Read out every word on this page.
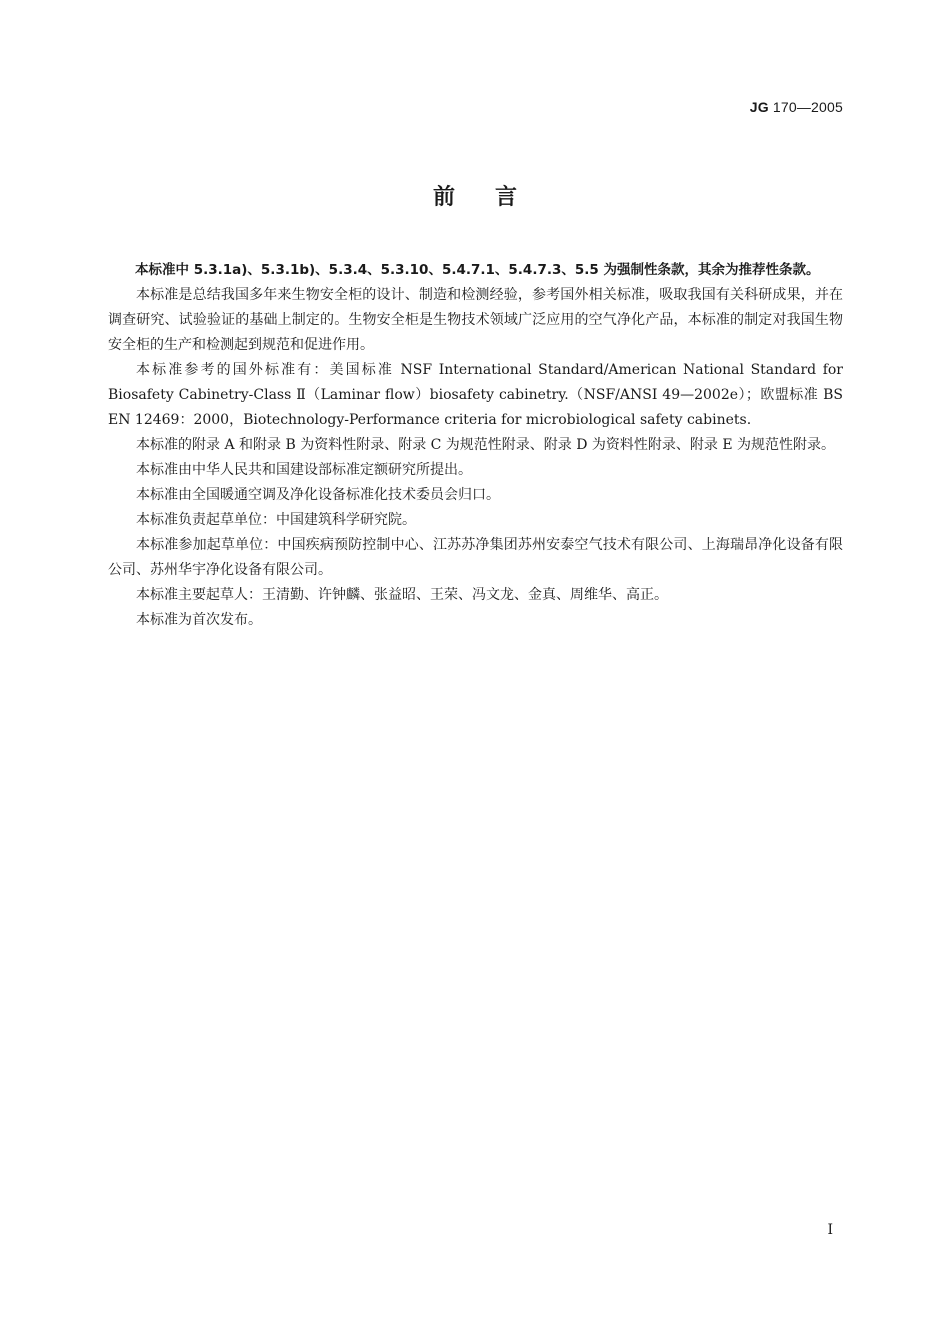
JG 170—2005
前言

本标准中 5.3.1a)、5.3.1b)、5.3.4、5.3.10、5.4.7.1、5.4.7.3、5.5 为强制性条款，其余为推荐性条款。

本标准是总结我国多年来生物安全柜的设计、制造和检测经验，参考国外相关标准，吸取我国有关科研成果，并在调查研究、试验验证的基础上制定的。生物安全柜是生物技术领域广泛应用的空气净化产品，本标准的制定对我国生物安全柜的生产和检测起到规范和促进作用。

本标准参考的国外标准有：美国标准 NSF International Standard/American National Standard for Biosafety Cabinetry-Class Ⅱ（Laminar flow）biosafety cabinetry.（NSF/ANSI 49—2002e）；欧盟标准 BS EN 12469：2000，Biotechnology-Performance criteria for microbiological safety cabinets.

本标准的附录 A 和附录 B 为资料性附录、附录 C 为规范性附录、附录 D 为资料性附录、附录 E 为规范性附录。

本标准由中华人民共和国建设部标准定额研究所提出。

本标准由全国暖通空调及净化设备标准化技术委员会归口。

本标准负责起草单位：中国建筑科学研究院。

本标准参加起草单位：中国疾病预防控制中心、江苏苏净集团苏州安泰空气技术有限公司、上海瑞昂净化设备有限公司、苏州华宇净化设备有限公司。

本标准主要起草人：王清勤、许钟麟、张益昭、王荣、冯文龙、金真、周维华、高正。

本标准为首次发布。

I
